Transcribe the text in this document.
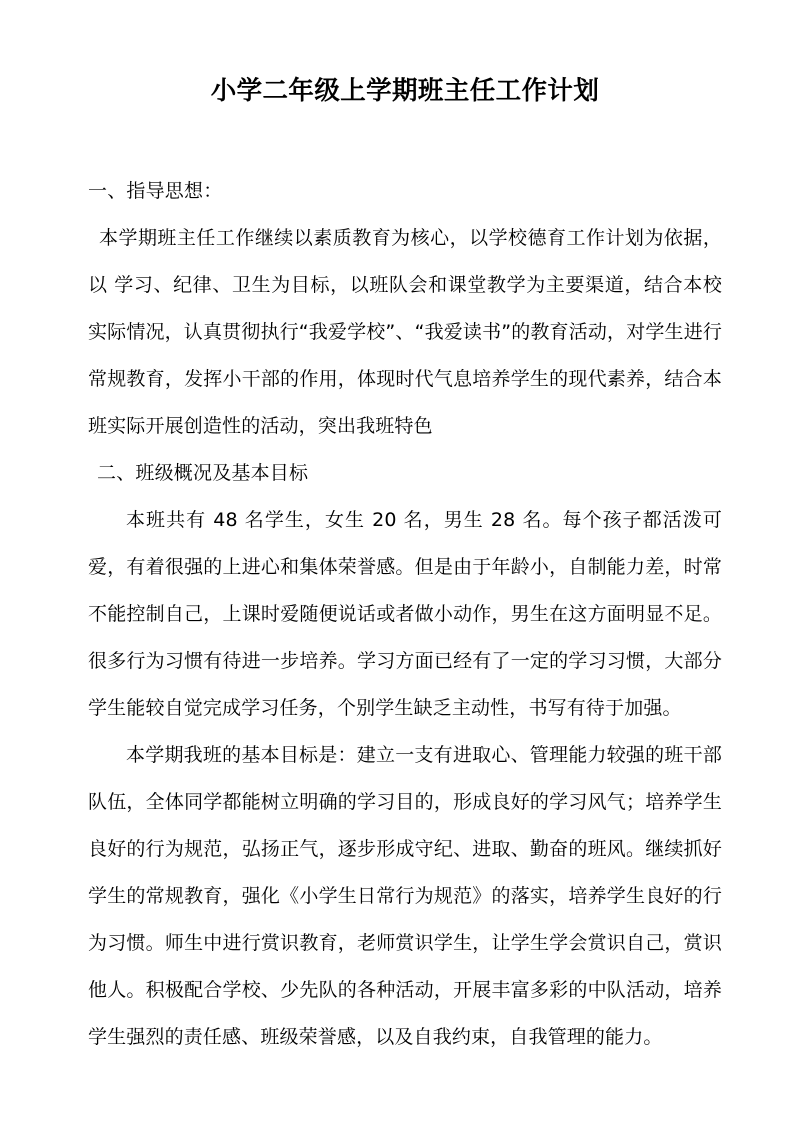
小学二年级上学期班主任工作计划
一、指导思想：

本学期班主任工作继续以素质教育为核心，以学校德育工作计划为依据，以 学习、纪律、卫生为目标，以班队会和课堂教学为主要渠道，结合本校实际情况，认真贯彻执行“我爱学校”、“我爱读书”的教育活动，对学生进行常规教育，发挥小干部的作用，体现时代气息培养学生的现代素养，结合本班实际开展创造性的活动，突出我班特色

二、班级概况及基本目标

本班共有 48 名学生，女生 20 名，男生 28 名。每个孩子都活泼可爱，有着很强的上进心和集体荣誉感。但是由于年龄小，自制能力差，时常不能控制自己，上课时爱随便说话或者做小动作，男生在这方面明显不足。很多行为习惯有待进一步培养。学习方面已经有了一定的学习习惯，大部分学生能较自觉完成学习任务，个别学生缺乏主动性，书写有待于加强。

本学期我班的基本目标是：建立一支有进取心、管理能力较强的班干部队伍，全体同学都能树立明确的学习目的，形成良好的学习风气；培养学生良好的行为规范，弘扬正气，逐步形成守纪、进取、勤奋的班风。继续抓好学生的常规教育，强化《小学生日常行为规范》的落实，培养学生良好的行为习惯。师生中进行赏识教育，老师赏识学生，让学生学会赏识自己，赏识他人。积极配合学校、少先队的各种活动，开展丰富多彩的中队活动，培养学生强烈的责任感、班级荣誉感，以及自我约束，自我管理的能力。
